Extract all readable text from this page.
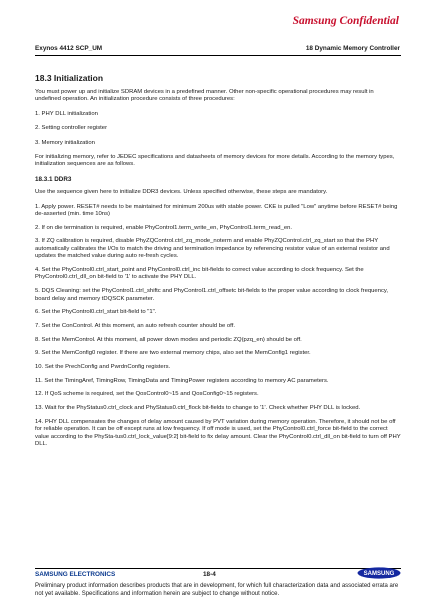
Samsung Confidential
Exynos 4412 SCP_UM	18 Dynamic Memory Controller

18.3 Initialization

You must power up and initialize SDRAM devices in a predefined manner. Other non-specific operational procedures may result in undefined operation. An initialization procedure consists of three procedures:

1. PHY DLL initialization

2. Setting controller register

3. Memory initialization

For initializing memory, refer to JEDEC specifications and datasheets of memory devices for more details. According to the memory types, initialization sequences are as follows.

18.3.1 DDR3

Use the sequence given here to initialize DDR3 devices. Unless specified otherwise, these steps are mandatory.

1. Apply power. RESET# needs to be maintained for minimum 200us with stable power. CKE is pulled "Low" anytime before RESET# being de-asserted (min. time 10ns)

2. If on die termination is required, enable PhyControl1.term_write_en, PhyControl1.term_read_en.

3. If ZQ calibration is required, disable PhyZQControl.ctrl_zq_mode_noterm and enable PhyZQControl.ctrl_zq_start so that the PHY automatically calibrates the I/Os to match the driving and termination impedance by referencing resistor value of an external resistor and updates the matched value during auto re-fresh cycles.

4. Set the PhyControl0.ctrl_start_point and PhyControl0.ctrl_inc bit-fields to correct value according to clock frequency. Set the PhyControl0.ctrl_dll_on bit-field to '1' to activate the PHY DLL.

5. DQS Cleaning: set the PhyControl1.ctrl_shiftc and PhyControl1.ctrl_offsetc bit-fields to the proper value according to clock frequency, board delay and memory tDQSCK parameter.

6. Set the PhyControl0.ctrl_start bit-field to "1".

7. Set the ConControl. At this moment, an auto refresh counter should be off.

8. Set the MemControl. At this moment, all power down modes and periodic ZQ(pzq_en) should be off.

9. Set the MemConfig0 register. If there are two external memory chips, also set the MemConfig1 register.

10. Set the PrechConfig and PwrdnConfig registers.

11. Set the TimingAref, TimingRow, TimingData and TimingPower registers according to memory AC parameters.

12. If QoS scheme is required, set the QosControl0~15 and QosConfig0~15 registers.

13. Wait for the PhyStatus0.ctrl_clock and PhyStatus0.ctrl_flock bit-fields to change to '1'. Check whether PHY DLL is locked.

14. PHY DLL compensates the changes of delay amount caused by PVT variation during memory operation. Therefore, it should not be off for reliable operation. It can be off except runs at low frequency. If off mode is used, set the PhyControl0.ctrl_force bit-field to the correct value according to the PhySta-tus0.ctrl_lock_value[9:2] bit-field to fix delay amount. Clear the PhyControl0.ctrl_dll_on bit-field to turn off PHY DLL.

SAMSUNG ELECTRONICS	18-4	SAMSUNG
Preliminary product information describes products that are in development, for which full characterization data and associated errata are not yet available. Specifications and information herein are subject to change without notice.
